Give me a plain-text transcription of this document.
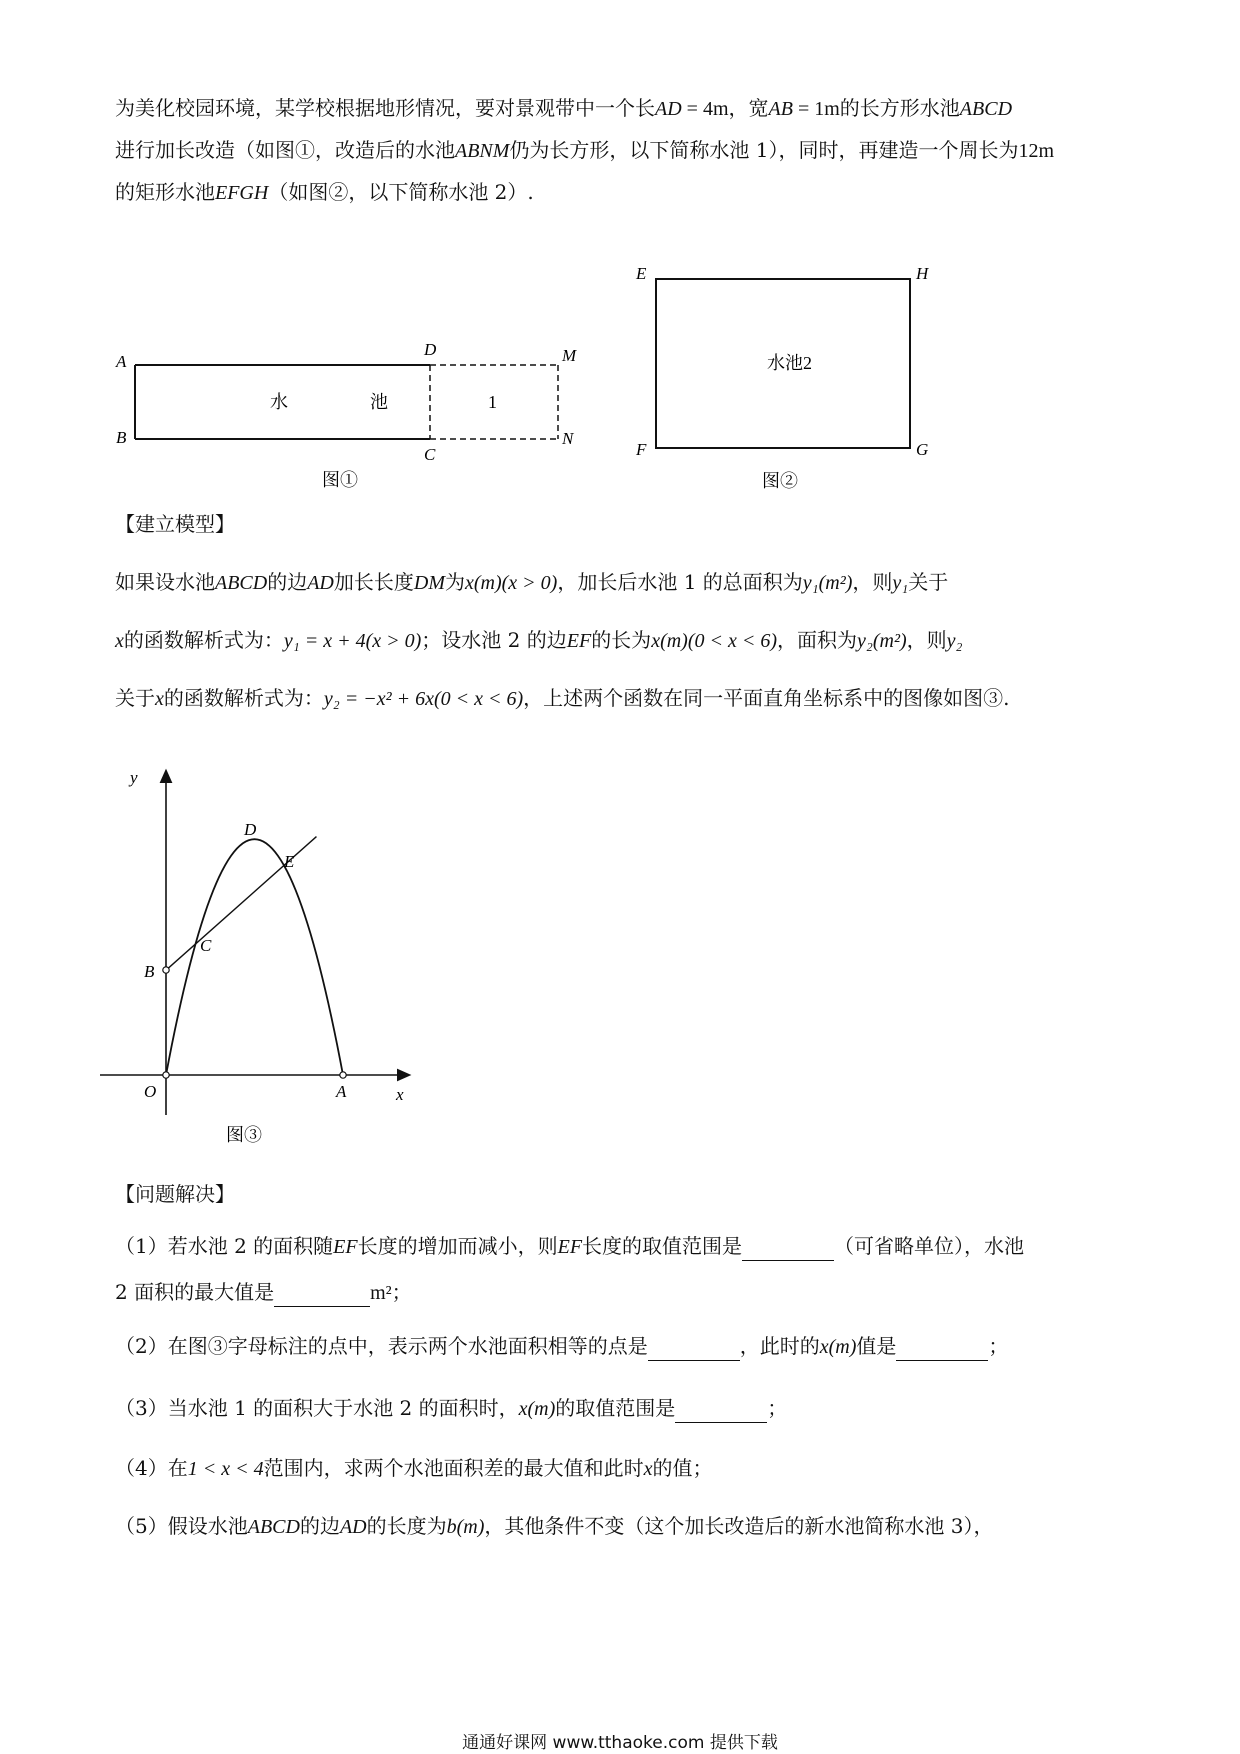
为美化校园环境，某学校根据地形情况，要对景观带中一个长AD = 4m，宽AB = 1m的长方形水池ABCD
进行加长改造（如图①，改造后的水池ABNM仍为长方形，以下简称水池 1），同时，再建造一个周长为12m
的矩形水池EFGH（如图②，以下简称水池 2）.
A
B
C
D	M
N
水	池	1
图①
E	H
F	G
水池2
图②
【建立模型】
如果设水池ABCD的边AD加长长度DM为x(m)(x > 0)，加长后水池 1 的总面积为y₁(m²)，则y₁关于
x的函数解析式为：y₁ = x + 4(x > 0)；设水池 2 的边EF的长为x(m)(0 < x < 6)，面积为y₂(m²)，则y₂
关于x的函数解析式为：y₂ = −x² + 6x(0 < x < 6)，上述两个函数在同一平面直角坐标系中的图像如图③.
y
x
O	A
B
C
D
E
图③
【问题解决】
（1）若水池 2 的面积随EF长度的增加而减小，则EF长度的取值范围是	（可省略单位），水池
2 面积的最大值是	m²；
（2）在图③字母标注的点中，表示两个水池面积相等的点是	，此时的x(m)值是	；
（3）当水池 1 的面积大于水池 2 的面积时，x(m)的取值范围是	；
（4）在1 < x < 4范围内，求两个水池面积差的最大值和此时x的值；
（5）假设水池ABCD的边AD的长度为b(m)，其他条件不变（这个加长改造后的新水池简称水池 3），
通通好课网 www.tthaoke.com 提供下载
